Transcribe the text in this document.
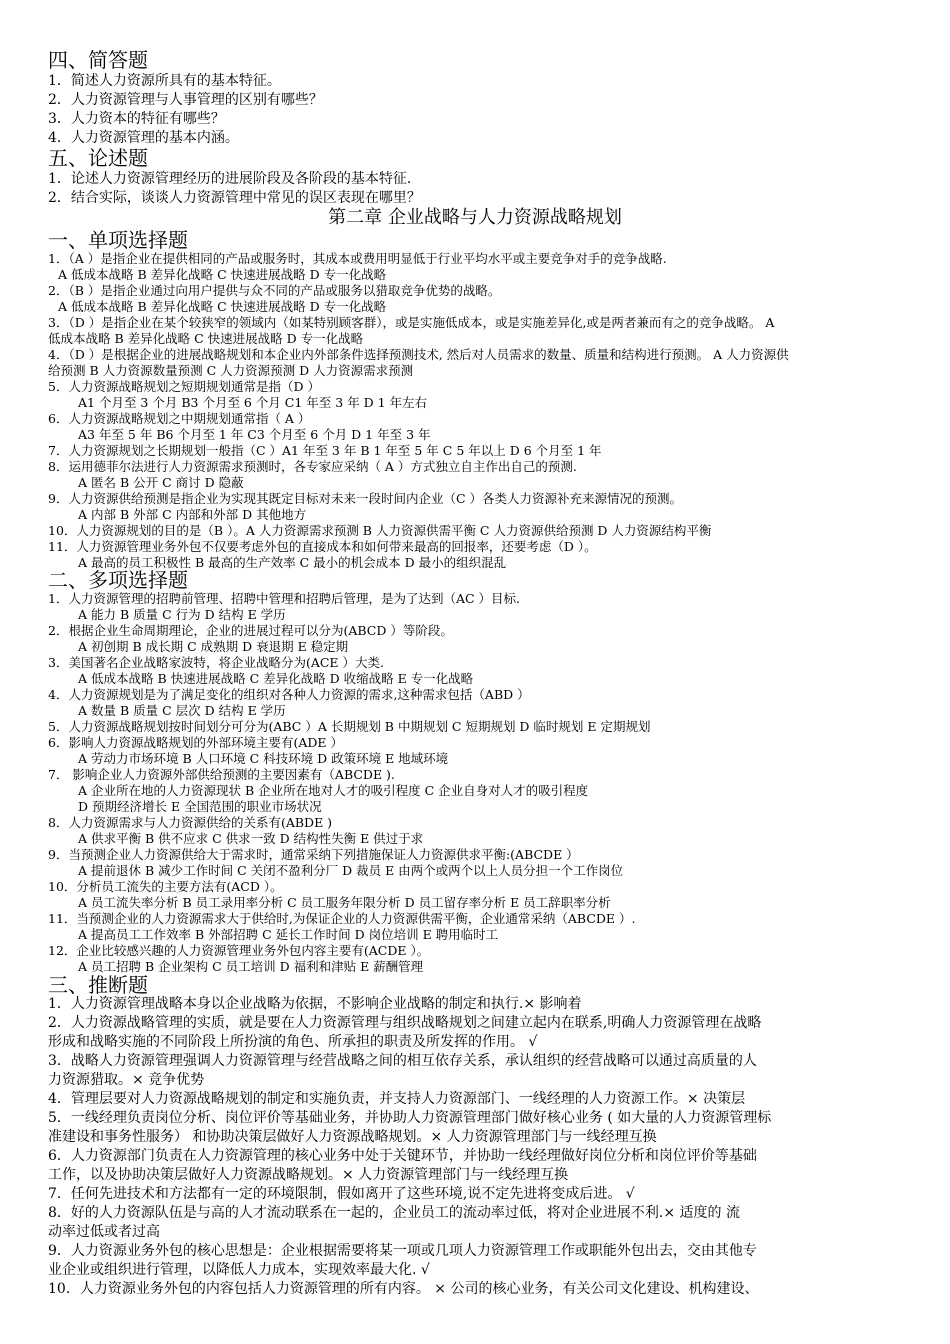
四、简答题
1．简述人力资源所具有的基本特征。
2．人力资源管理与人事管理的区别有哪些？
3．人力资本的特征有哪些？
4．人力资源管理的基本内涵。
五、论述题
1．论述人力资源管理经历的进展阶段及各阶段的基本特征.
2．结合实际，谈谈人力资源管理中常见的误区表现在哪里？
第二章 企业战略与人力资源战略规划
一、单项选择题
1．（A ）是指企业在提供相同的产品或服务时，其成本或费用明显低于行业平均水平或主要竞争对手的竞争战略.
A 低成本战略 B 差异化战略 C 快速进展战略 D 专一化战略
2．（B ）是指企业通过向用户提供与众不同的产品或服务以猎取竞争优势的战略。
A 低成本战略 B 差异化战略 C 快速进展战略 D 专一化战略
3．（D ）是指企业在某个较狭窄的领域内（如某特别顾客群），或是实施低成本，或是实施差异化,或是两者兼而有之的竞争战略。 A
低成本战略 B 差异化战略 C 快速进展战略 D 专一化战略
4．（D ）是根据企业的进展战略规划和本企业内外部条件选择预测技术, 然后对人员需求的数量、质量和结构进行预测。 A 人力资源供
给预测 B 人力资源数量预测 C 人力资源预测 D 人力资源需求预测
5．人力资源战略规划之短期规划通常是指（D ）
A1 个月至 3 个月 B3 个月至 6 个月 C1 年至 3 年 D 1 年左右
6．人力资源战略规划之中期规划通常指（ A ）
A3 年至 5 年 B6 个月至 1 年 C3 个月至 6 个月 D 1 年至 3 年
7．人力资源规划之长期规划一般指（C ）A1 年至 3 年 B 1 年至 5 年 C 5 年以上 D 6 个月至 1 年
8．运用德菲尔法进行人力资源需求预测时，各专家应采纳（ A ）方式独立自主作出自己的预测.
A 匿名 B 公开 C 商讨 D 隐蔽
9．人力资源供给预测是指企业为实现其既定目标对未来一段时间内企业（C ）各类人力资源补充来源情况的预测。
A 内部 B 外部 C 内部和外部 D 其他地方
10．人力资源规划的目的是（B ）。A 人力资源需求预测 B 人力资源供需平衡 C 人力资源供给预测 D 人力资源结构平衡
11．人力资源管理业务外包不仅要考虑外包的直接成本和如何带来最高的回报率，还要考虑（D ）。
A 最高的员工积极性 B 最高的生产效率 C 最小的机会成本 D 最小的组织混乱
二、多项选择题
1．人力资源管理的招聘前管理、招聘中管理和招聘后管理，是为了达到（AC ）目标.
A 能力 B 质量 C 行为 D 结构 E 学历
2．根据企业生命周期理论，企业的进展过程可以分为(ABCD ）等阶段。
A 初创期 B 成长期 C 成熟期 D 衰退期 E 稳定期
3．美国著名企业战略家波特，将企业战略分为(ACE ）大类.
A 低成本战略 B 快速进展战略 C 差异化战略 D 收缩战略 E 专一化战略
4．人力资源规划是为了满足变化的组织对各种人力资源的需求,这种需求包括（ABD ）
A 数量 B 质量 C 层次 D 结构 E 学历
5．人力资源战略规划按时间划分可分为(ABC ）A 长期规划 B 中期规划 C 短期规划 D 临时规划 E 定期规划
6．影响人力资源战略规划的外部环境主要有(ADE ）
A 劳动力市场环境 B 人口环境 C 科技环境 D 政策环境 E 地域环境
7． 影响企业人力资源外部供给预测的主要因素有（ABCDE ).
A 企业所在地的人力资源现状 B 企业所在地对人才的吸引程度 C 企业自身对人才的吸引程度
D 预期经济增长 E 全国范围的职业市场状况
8．人力资源需求与人力资源供给的关系有(ABDE )
A 供求平衡 B 供不应求 C 供求一致 D 结构性失衡 E 供过于求
9．当预测企业人力资源供给大于需求时，通常采纳下列措施保证人力资源供求平衡:(ABCDE ）
A 提前退休 B 减少工作时间 C 关闭不盈利分厂 D 裁员 E 由两个或两个以上人员分担一个工作岗位
10．分析员工流失的主要方法有(ACD ）。
A 员工流失率分析 B 员工录用率分析 C 员工服务年限分析 D 员工留存率分析 E 员工辞职率分析
11．当预测企业的人力资源需求大于供给时,为保证企业的人力资源供需平衡，企业通常采纳（ABCDE ）.
A 提高员工工作效率 B 外部招聘 C 延长工作时间 D 岗位培训 E 聘用临时工
12．企业比较感兴趣的人力资源管理业务外包内容主要有(ACDE ）。
A 员工招聘 B 企业架构 C 员工培训 D 福利和津贴 E 薪酬管理
三、推断题
1．人力资源管理战略本身以企业战略为依据，不影响企业战略的制定和执行.× 影响着
2．人力资源战略管理的实质，就是要在人力资源管理与组织战略规划之间建立起内在联系,明确人力资源管理在战略
形成和战略实施的不同阶段上所扮演的角色、所承担的职责及所发挥的作用。 √
3．战略人力资源管理强调人力资源管理与经营战略之间的相互依存关系，承认组织的经营战略可以通过高质量的人
力资源猎取。× 竞争优势
4．管理层要对人力资源战略规划的制定和实施负责，并支持人力资源部门、一线经理的人力资源工作。× 决策层
5．一线经理负责岗位分析、岗位评价等基础业务，并协助人力资源管理部门做好核心业务 ( 如大量的人力资源管理标
准建设和事务性服务） 和协助决策层做好人力资源战略规划。× 人力资源管理部门与一线经理互换
6．人力资源部门负责在人力资源管理的核心业务中处于关键环节，并协助一线经理做好岗位分析和岗位评价等基础
工作，以及协助决策层做好人力资源战略规划。× 人力资源管理部门与一线经理互换
7．任何先进技术和方法都有一定的环境限制，假如离开了这些环境,说不定先进将变成后进。 √
8．好的人力资源队伍是与高的人才流动联系在一起的，企业员工的流动率过低，将对企业进展不利.× 适度的 流
动率过低或者过高
9．人力资源业务外包的核心思想是：企业根据需要将某一项或几项人力资源管理工作或职能外包出去，交由其他专
业企业或组织进行管理，以降低人力成本，实现效率最大化. √
10．人力资源业务外包的内容包括人力资源管理的所有内容。 × 公司的核心业务，有关公司文化建设、机构建设、
